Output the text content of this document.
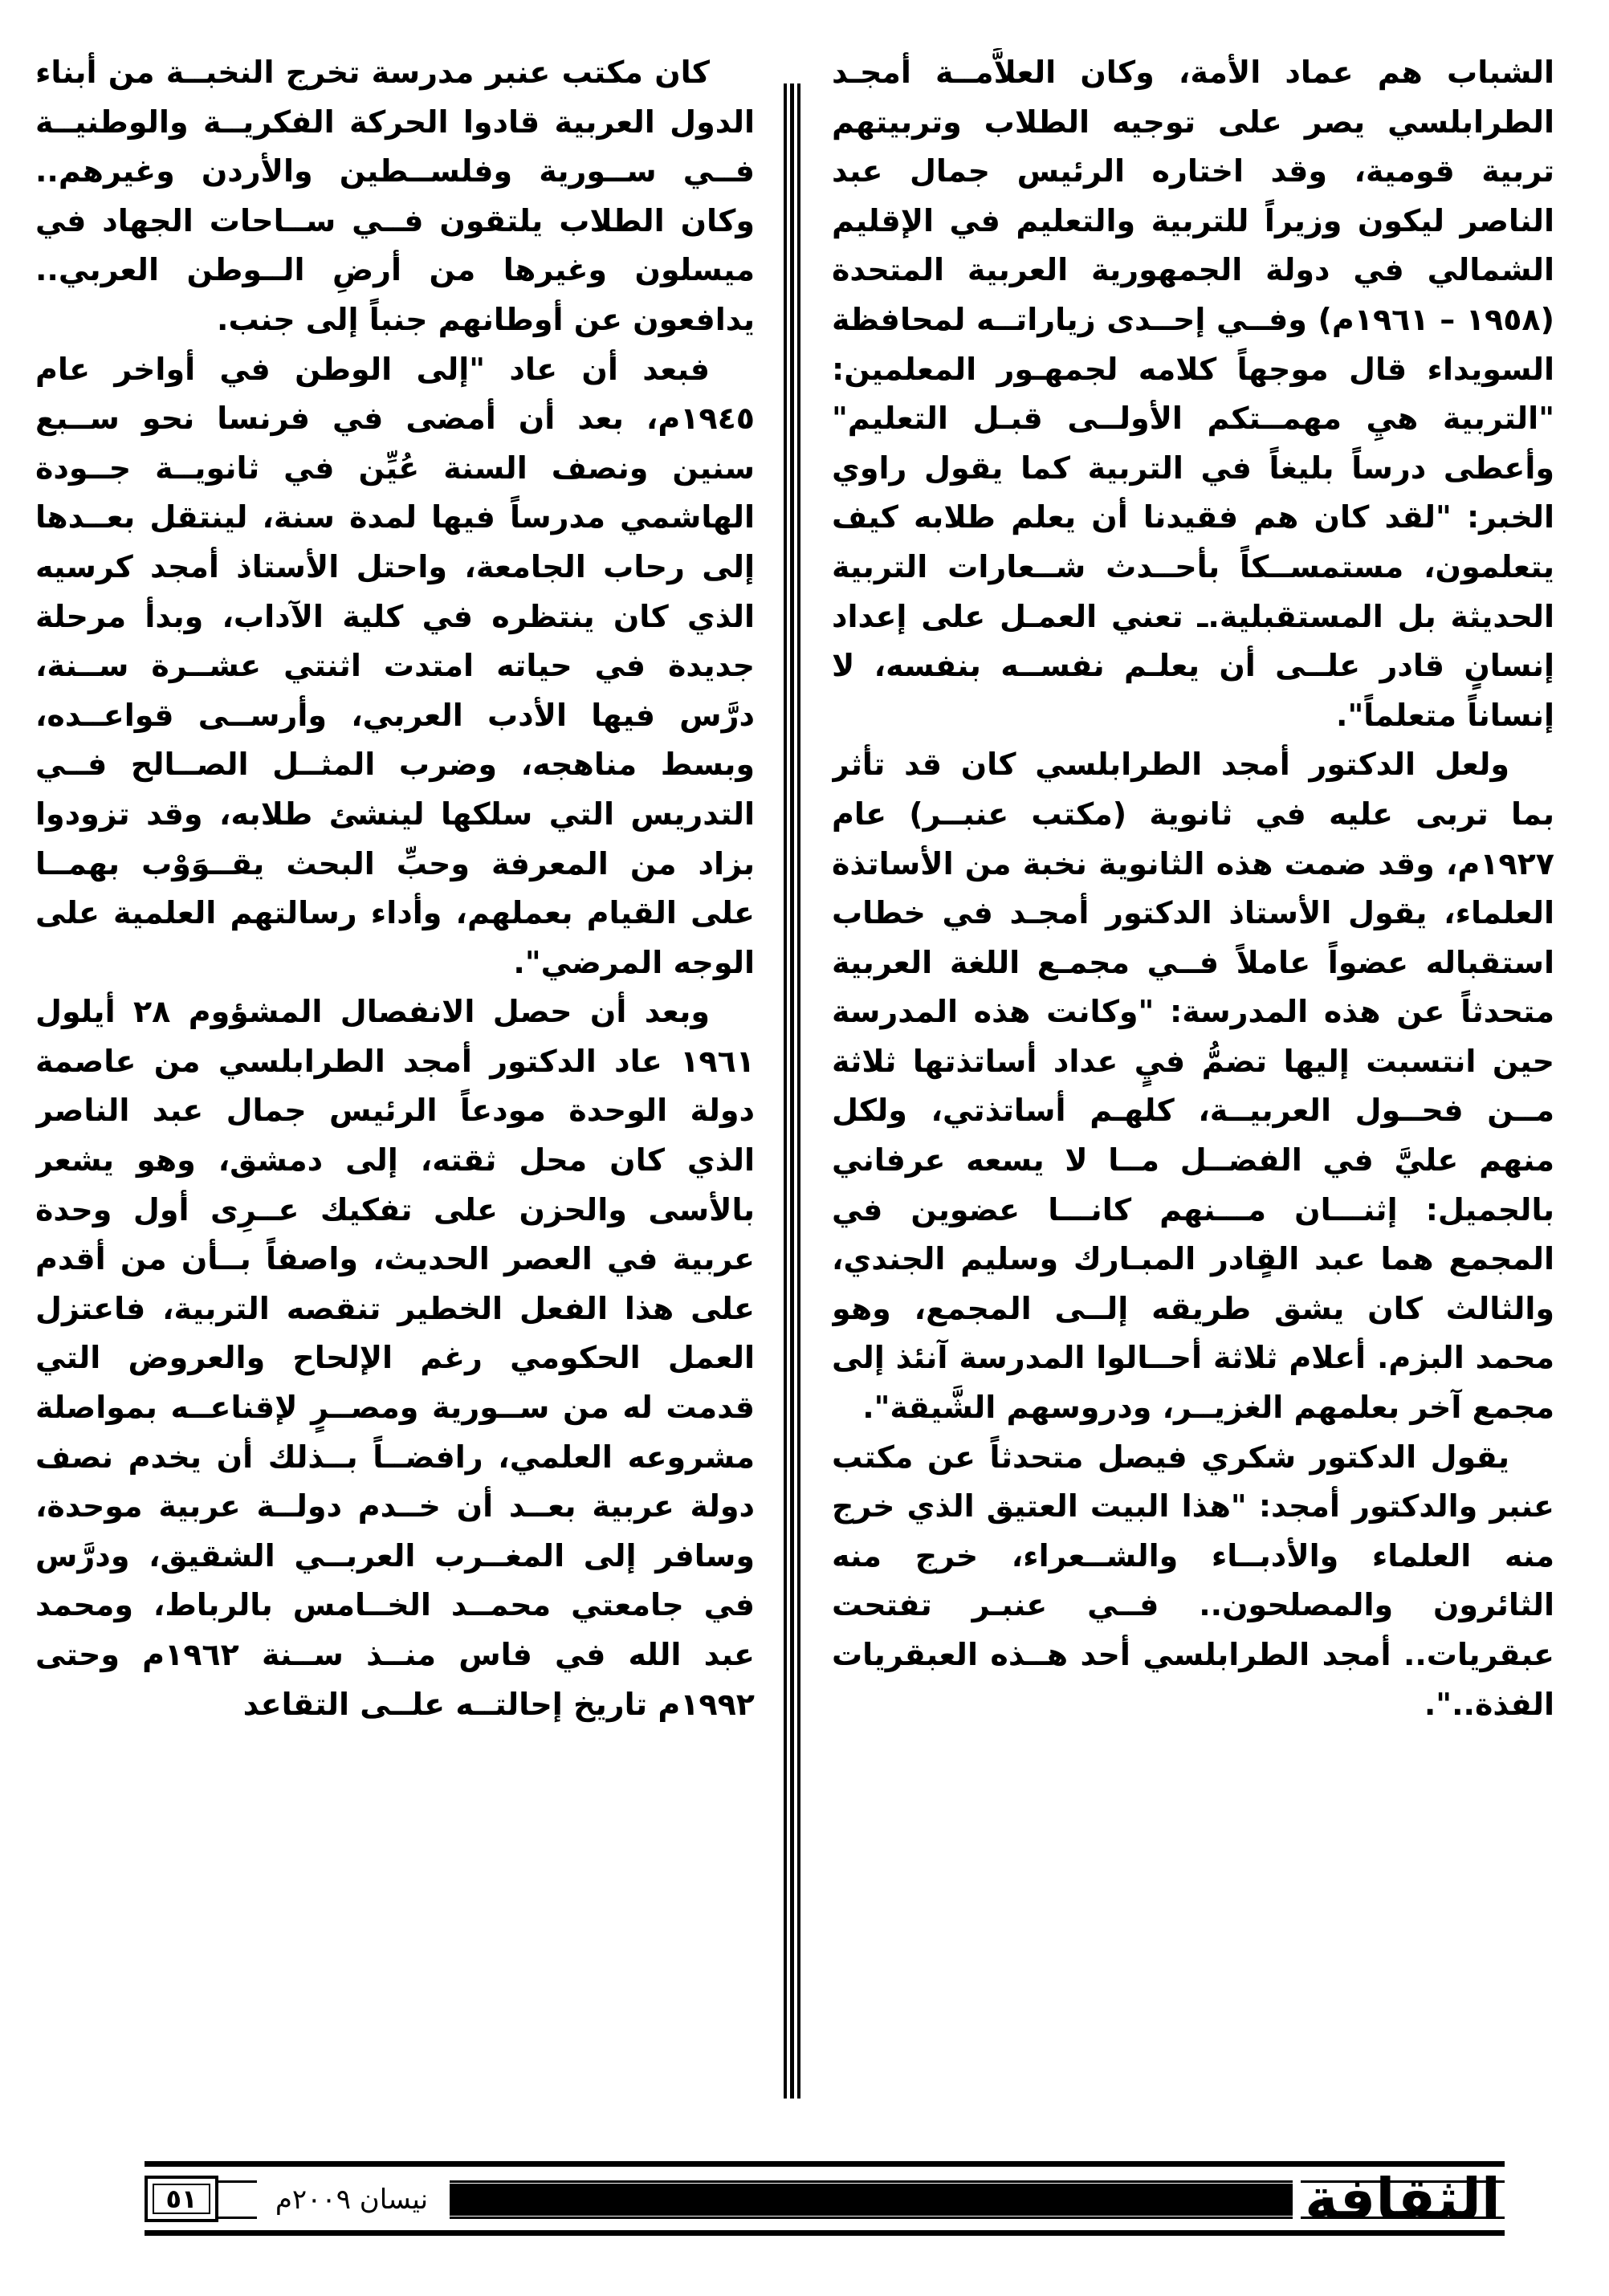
الشباب هم عماد الأمة، وكان العلاَّمــة أمجـد الطرابلسي يصر على توجيه الطلاب وتربيتهم تربية قومية، وقد اختاره الرئيس جمال عبد الناصر ليكون وزيراً للتربية والتعليم في الإقليم الشمالي في دولة الجمهورية العربية المتحدة (١٩٥٨ – ١٩٦١م) وفــي إحــدى زياراتــه لمحافظة السويداء قال موجهاً كلامه لجمهـور المعلمين: "التربية هيِ مهمــتكم الأولــى قبـل التعليم" وأعطى درساً بليغاً في التربية كما يقول راوي الخبر: "لقد كان هم فقيدنا أن يعلم طلابه كيف يتعلمون، مستمســكاً بأحــدث شــعارات التربية الحديثة بل المستقبلية.ـ تعني العمـل على إعداد إنسانٍ قادر علــى أن يعلـم نفســه بنفسه، لا إنساناً متعلماً".

ولعل الدكتور أمجد الطرابلسي كان قد تأثر بما تربى عليه في ثانوية (مكتب عنبــر) عام ١٩٢٧م، وقد ضمت هذه الثانوية نخبة من الأساتذة العلماء، يقول الأستاذ الدكتور أمجـد في خطاب استقباله عضواً عاملاً فــي مجمـع اللغة العربية متحدثاً عن هذه المدرسة: "وكانت هذه المدرسة حين انتسبت إليها تضمُّ فيٍ عداد أساتذتها ثلاثة مــن فحــول العربيــة، كلهـم أساتذتي، ولكل منهم عليَّ في الفضــل مــا لا يسعه عرفاني بالجميل: إثنـــان مـــنهم كانـــا عضوين في المجمع هما عبد القٍادر المبـارك وسليم الجندي، والثالث كان يشق طريقه إلــى المجمع، وهو محمد البزم. أعلام ثلاثة أحــالوا المدرسة آنئذ إلى مجمع آخر بعلمهم الغزيــر، ودروسهم الشَّيقة".

يقول الدكتور شكري فيصل متحدثاً عن مكتب عنبر والدكتور أمجد: "هذا البيت العتيق الذي خرج منه العلماء والأدبــاء والشــعراء، خرج منه الثائرون والمصلحون.. فــي عنبـر تفتحت عبقريات.. أمجد الطرابلسي أحد هــذه العبقريات الفذة..".

كان مكتب عنبر مدرسة تخرج النخبــة من أبناء الدول العربية قادوا الحركة الفكريــة والوطنيــة فــي ســورية وفلســطين والأردن وغيرهم.. وكان الطلاب يلتقون فــي ســاحات الجهاد في ميسلون وغيرها من أرضِ الــوطن العربي.. يدافعون عن أوطانهم جنباً إلى جنب.

فبعد أن عاد "إلى الوطن في أواخر عام ١٩٤٥م، بعد أن أمضى في فرنسا نحو ســبع سنين ونصف السنة عُيِّن في ثانويــة جــودة الهاشمي مدرساً فيها لمدة سنة، لينتقل بعــدها إلى رحاب الجامعة، واحتل الأستاذ أمجد كرسيه الذي كان ينتظره في كلية الآداب، وبدأ مرحلة جديدة في حياته امتدت اثنتي عشــرة ســنة، درَّس فيها الأدب العربي، وأرســى قواعــده، وبسط مناهجه، وضرب المثــل الصــالح فــي التدريس التي سلكها لينشئ طلابه، وقد تزودوا بزاد من المعرفة وحبِّ البحث يقــوَوْب بهمــا على القيام بعملهم، وأداء رسالتهم العلمية على الوجه المرضي".

وبعد أن حصل الانفصال المشؤوم ٢٨ أيلول ١٩٦١ عاد الدكتور أمجد الطرابلسي من عاصمة دولة الوحدة مودعاً الرئيس جمال عبد الناصر الذي كان محل ثقته، إلى دمشق، وهو يشعر بالأسى والحزن على تفكيك عــرِى أول وحدة عربية في العصر الحديث، واصفاً بــأن من أقدم على هذا الفعل الخطير تنقصه التربية، فاعتزل العمل الحكومي رغم الإلحاح والعروض التي قدمت له من ســورية ومصــرٍ لإقناعــه بمواصلة مشروعه العلمي، رافضــاً بــذلك أن يخدم نصف دولة عربية بعــد أن خــدم دولــة عربية موحدة، وسافر إلى المغــرب العربــي الشقيق، ودرَّس في جامعتي محمــد الخــامس بالرباط، ومحمد عبد الله في فاس منــذ ســنة ١٩٦٢م وحتى ١٩٩٢م تاريخ إحالتــه علــى التقاعد

٥١	نيسان ٢٠٠٩م	الثقافة
